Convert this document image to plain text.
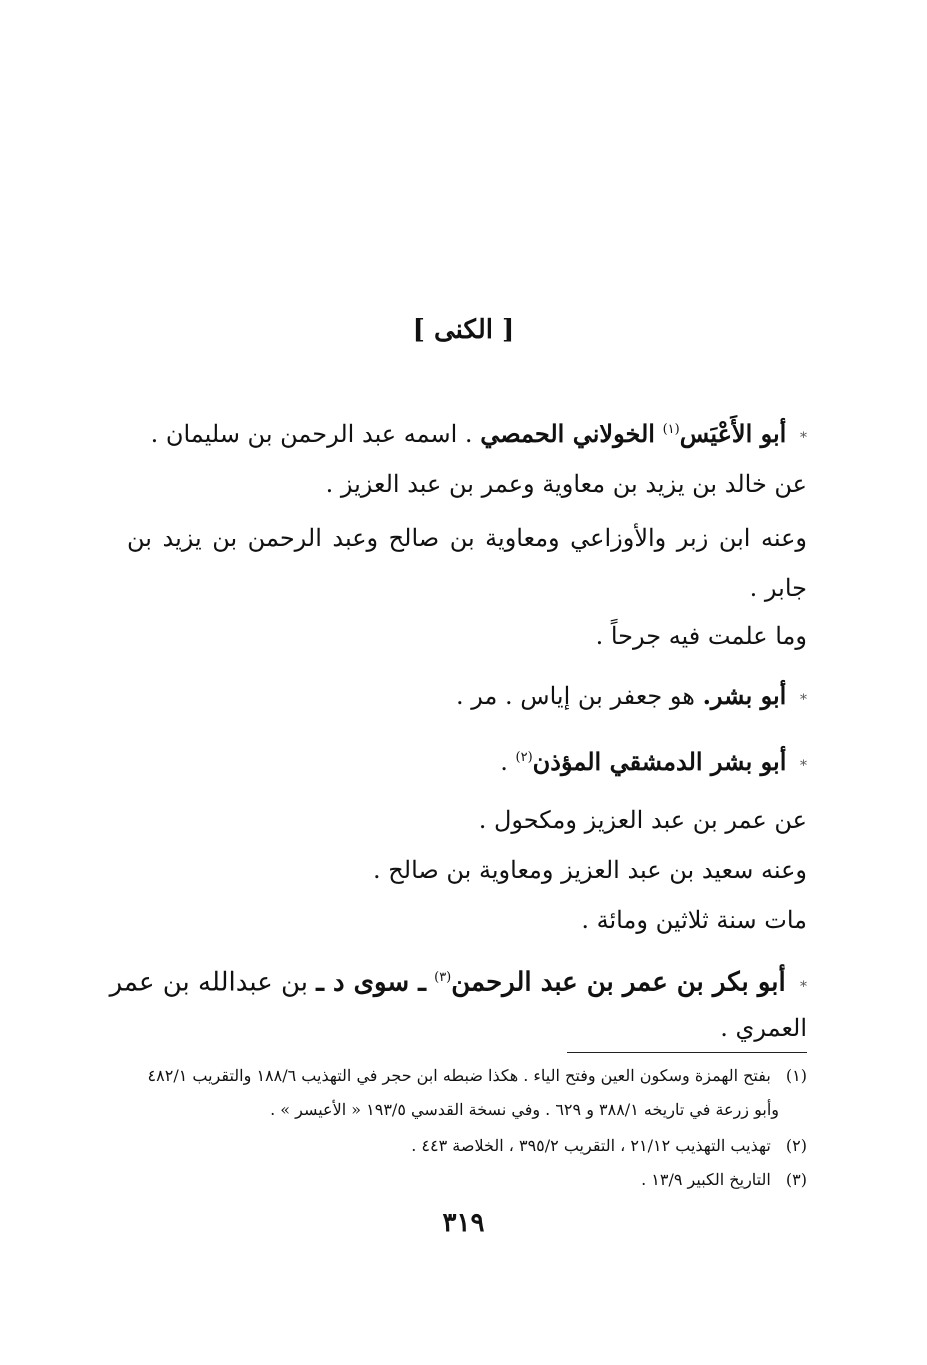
[ الكنى ]
* أبو الأَعْيَس$^{(١)}$ الخولاني الحمصي . اسمه عبد الرحمن بن سليمان .
عن خالد بن يزيد بن معاوية وعمر بن عبد العزيز .
وعنه ابن زبر والأوزاعي ومعاوية بن صالح وعبد الرحمن بن يزيد بن
جابر .
وما علمت فيه جرحاً .
* أبو بشر. هو جعفر بن إياس . مر .
* أبو بشر الدمشقي المؤذن$^{(٢)}$ .
عن عمر بن عبد العزيز ومكحول .
وعنه سعيد بن عبد العزيز ومعاوية بن صالح .
مات سنة ثلاثين ومائة .
* أبو بكر بن عمر بن عبد الرحمن$^{(٣)}$ ـ سوى د ـ بن عبدالله بن عمر
العمري .
(١) بفتح الهمزة وسكون العين وفتح الياء . هكذا ضبطه ابن حجر في التهذيب ١٨٨/٦ والتقريب ٤٨٢/١
وأبو زرعة في تاريخه ٣٨٨/١ و ٦٢٩ . وفي نسخة القدسي ١٩٣/٥ « الأعيسر » .
(٢) تهذيب التهذيب ٢١/١٢ ، التقريب ٣٩٥/٢ ، الخلاصة ٤٤٣ .
(٣) التاريخ الكبير ١٣/٩ .
٣١٩
